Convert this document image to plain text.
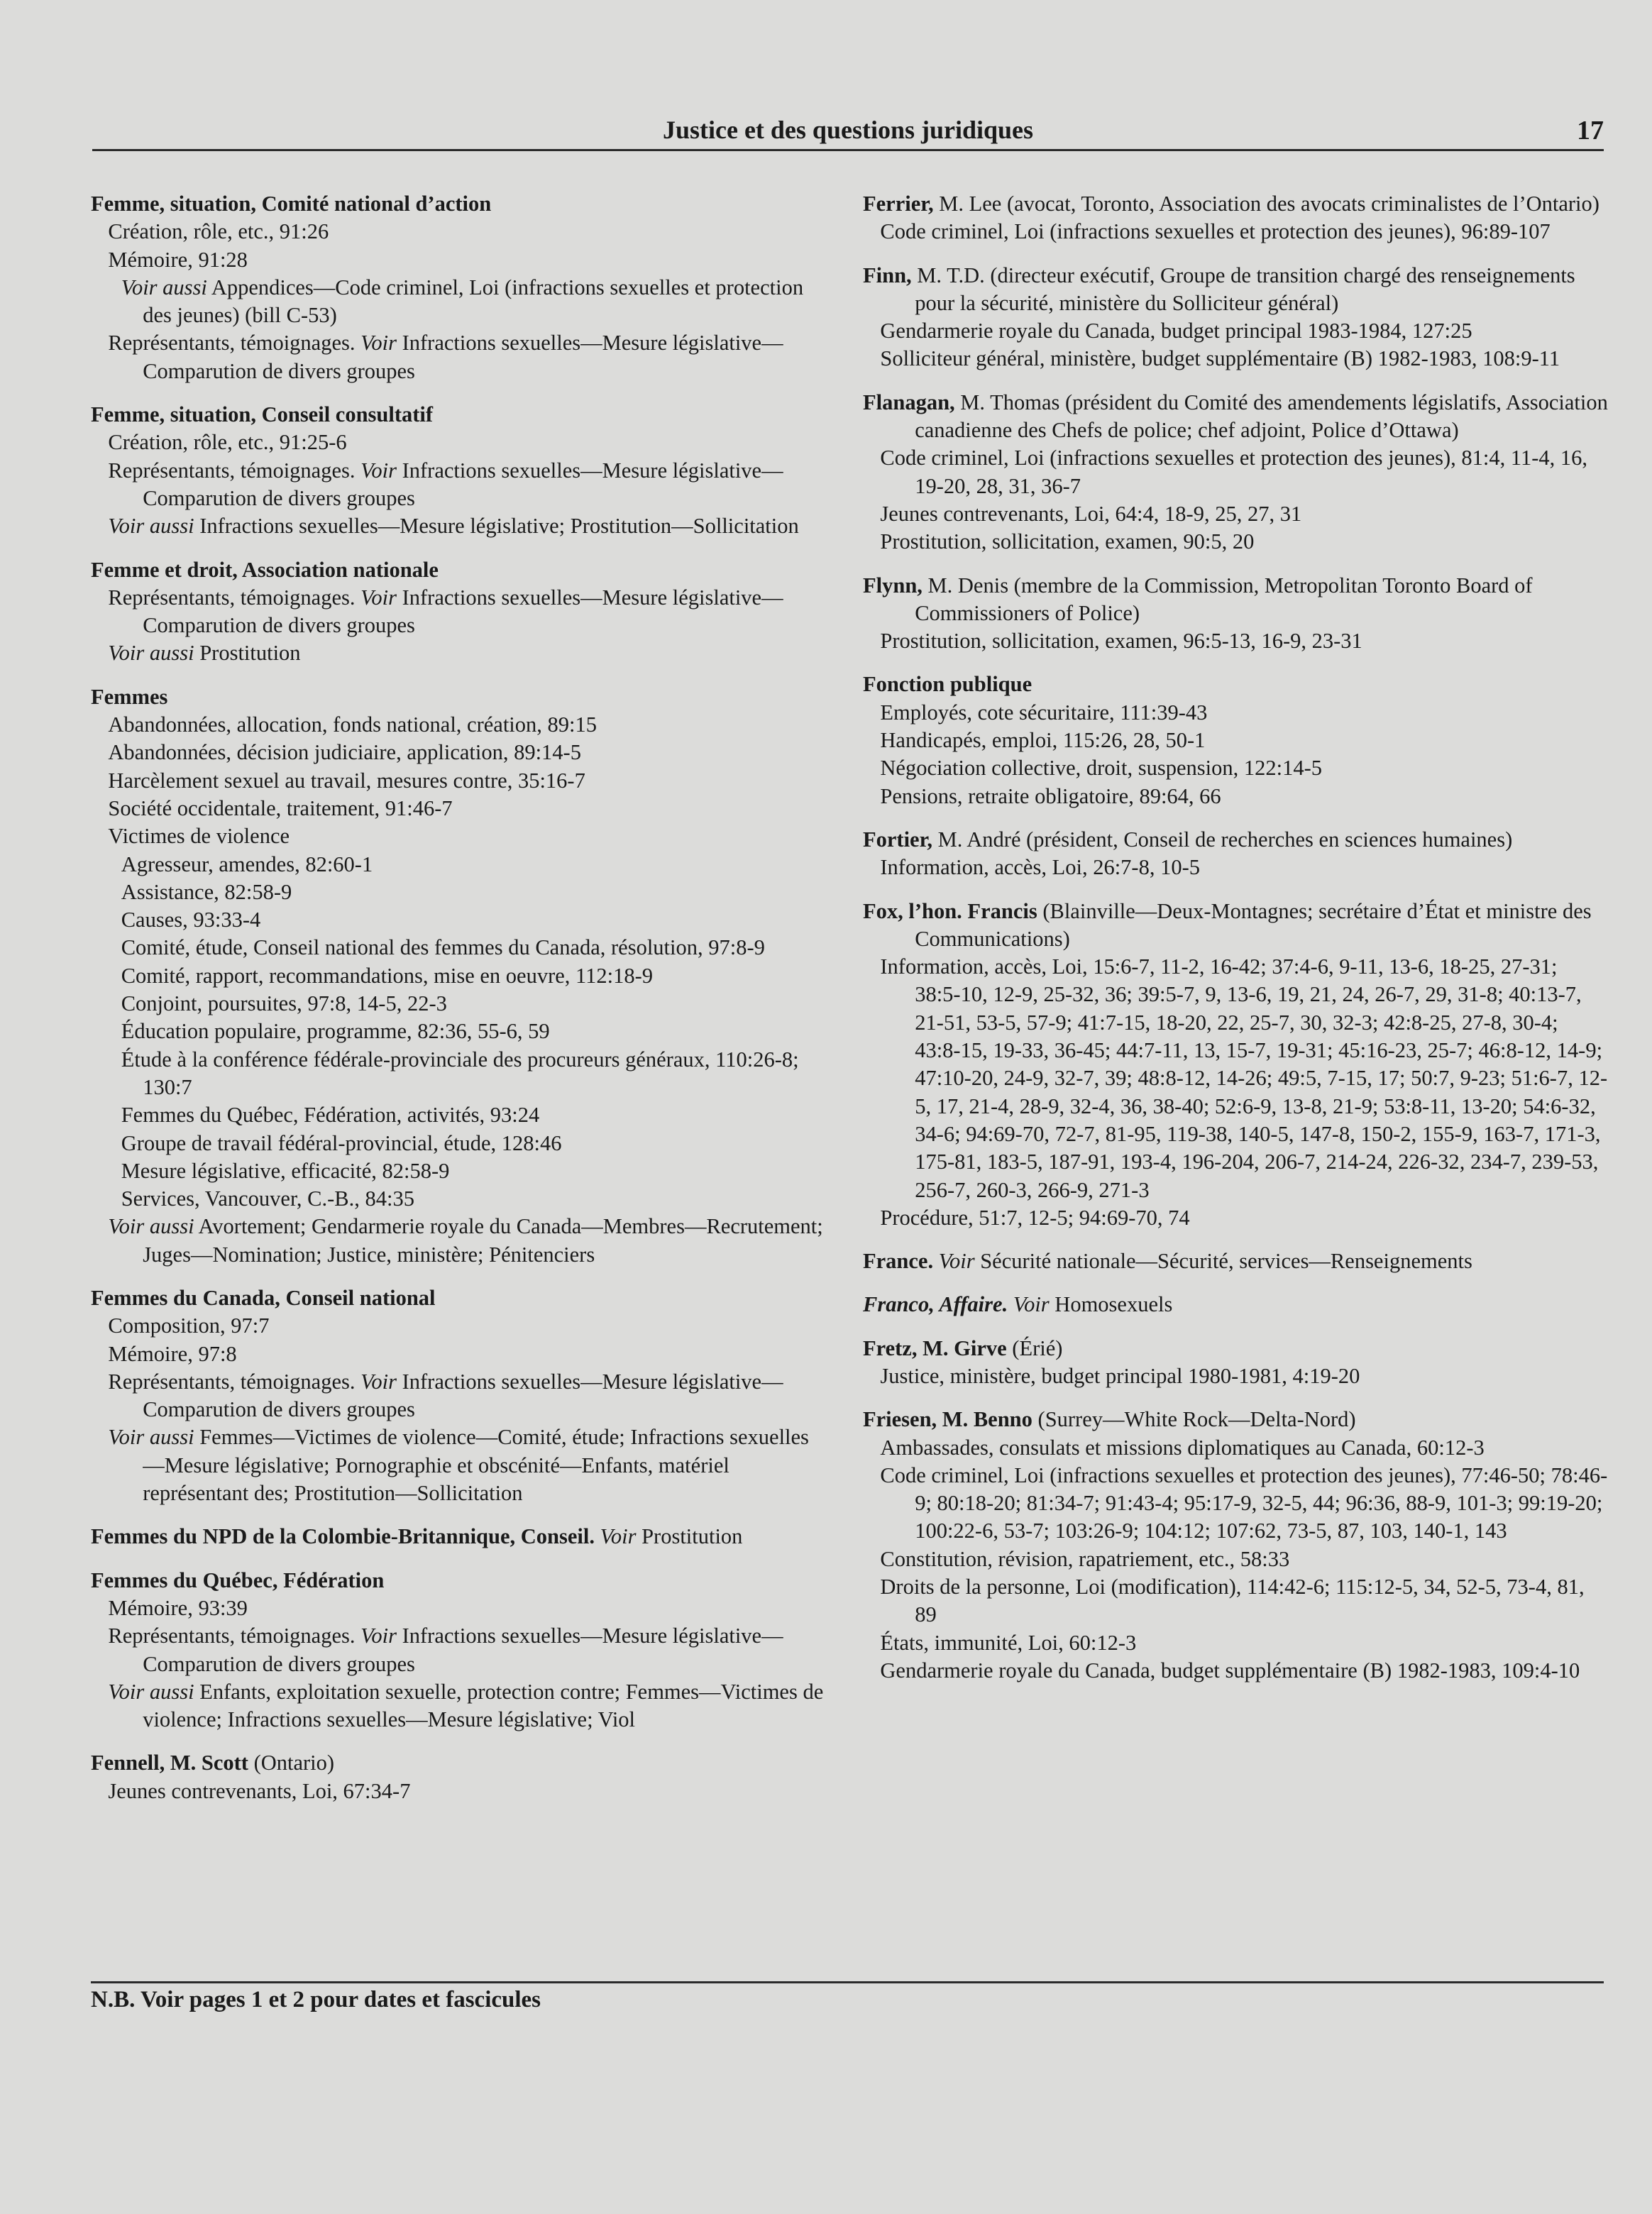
Justice et des questions juridiques	17
Femme, situation, Comité national d’action
Création, rôle, etc., 91:26
Mémoire, 91:28
Voir aussi Appendices—Code criminel, Loi (infractions sexuelles et protection des jeunes) (bill C-53)
Représentants, témoignages. Voir Infractions sexuelles—Mesure législative—Comparution de divers groupes
Femme, situation, Conseil consultatif
Création, rôle, etc., 91:25-6
Représentants, témoignages. Voir Infractions sexuelles—Mesure législative—Comparution de divers groupes
Voir aussi Infractions sexuelles—Mesure législative; Prostitution—Sollicitation
Femme et droit, Association nationale
Représentants, témoignages. Voir Infractions sexuelles—Mesure législative—Comparution de divers groupes
Voir aussi Prostitution
Femmes
Abandonnées, allocation, fonds national, création, 89:15
Abandonnées, décision judiciaire, application, 89:14-5
Harcèlement sexuel au travail, mesures contre, 35:16-7
Société occidentale, traitement, 91:46-7
Victimes de violence
Agresseur, amendes, 82:60-1
Assistance, 82:58-9
Causes, 93:33-4
Comité, étude, Conseil national des femmes du Canada, résolution, 97:8-9
Comité, rapport, recommandations, mise en oeuvre, 112:18-9
Conjoint, poursuites, 97:8, 14-5, 22-3
Éducation populaire, programme, 82:36, 55-6, 59
Étude à la conférence fédérale-provinciale des procureurs généraux, 110:26-8; 130:7
Femmes du Québec, Fédération, activités, 93:24
Groupe de travail fédéral-provincial, étude, 128:46
Mesure législative, efficacité, 82:58-9
Services, Vancouver, C.-B., 84:35
Voir aussi Avortement; Gendarmerie royale du Canada—Membres—Recrutement; Juges—Nomination; Justice, ministère; Pénitenciers
Femmes du Canada, Conseil national
Composition, 97:7
Mémoire, 97:8
Représentants, témoignages. Voir Infractions sexuelles—Mesure législative—Comparution de divers groupes
Voir aussi Femmes—Victimes de violence—Comité, étude; Infractions sexuelles—Mesure législative; Pornographie et obscénité—Enfants, matériel représentant des; Prostitution—Sollicitation
Femmes du NPD de la Colombie-Britannique, Conseil. Voir Prostitution
Femmes du Québec, Fédération
Mémoire, 93:39
Représentants, témoignages. Voir Infractions sexuelles—Mesure législative—Comparution de divers groupes
Voir aussi Enfants, exploitation sexuelle, protection contre; Femmes—Victimes de violence; Infractions sexuelles—Mesure législative; Viol
Fennell, M. Scott (Ontario)
Jeunes contrevenants, Loi, 67:34-7
Ferrier, M. Lee (avocat, Toronto, Association des avocats criminalistes de l’Ontario)
Code criminel, Loi (infractions sexuelles et protection des jeunes), 96:89-107
Finn, M. T.D. (directeur exécutif, Groupe de transition chargé des renseignements pour la sécurité, ministère du Solliciteur général)
Gendarmerie royale du Canada, budget principal 1983-1984, 127:25
Solliciteur général, ministère, budget supplémentaire (B) 1982-1983, 108:9-11
Flanagan, M. Thomas (président du Comité des amendements législatifs, Association canadienne des Chefs de police; chef adjoint, Police d’Ottawa)
Code criminel, Loi (infractions sexuelles et protection des jeunes), 81:4, 11-4, 16, 19-20, 28, 31, 36-7
Jeunes contrevenants, Loi, 64:4, 18-9, 25, 27, 31
Prostitution, sollicitation, examen, 90:5, 20
Flynn, M. Denis (membre de la Commission, Metropolitan Toronto Board of Commissioners of Police)
Prostitution, sollicitation, examen, 96:5-13, 16-9, 23-31
Fonction publique
Employés, cote sécuritaire, 111:39-43
Handicapés, emploi, 115:26, 28, 50-1
Négociation collective, droit, suspension, 122:14-5
Pensions, retraite obligatoire, 89:64, 66
Fortier, M. André (président, Conseil de recherches en sciences humaines)
Information, accès, Loi, 26:7-8, 10-5
Fox, l’hon. Francis (Blainville—Deux-Montagnes; secrétaire d’État et ministre des Communications)
Information, accès, Loi, 15:6-7, 11-2, 16-42; 37:4-6, 9-11, 13-6, 18-25, 27-31; 38:5-10, 12-9, 25-32, 36; 39:5-7, 9, 13-6, 19, 21, 24, 26-7, 29, 31-8; 40:13-7, 21-51, 53-5, 57-9; 41:7-15, 18-20, 22, 25-7, 30, 32-3; 42:8-25, 27-8, 30-4; 43:8-15, 19-33, 36-45; 44:7-11, 13, 15-7, 19-31; 45:16-23, 25-7; 46:8-12, 14-9; 47:10-20, 24-9, 32-7, 39; 48:8-12, 14-26; 49:5, 7-15, 17; 50:7, 9-23; 51:6-7, 12-5, 17, 21-4, 28-9, 32-4, 36, 38-40; 52:6-9, 13-8, 21-9; 53:8-11, 13-20; 54:6-32, 34-6; 94:69-70, 72-7, 81-95, 119-38, 140-5, 147-8, 150-2, 155-9, 163-7, 171-3, 175-81, 183-5, 187-91, 193-4, 196-204, 206-7, 214-24, 226-32, 234-7, 239-53, 256-7, 260-3, 266-9, 271-3
Procédure, 51:7, 12-5; 94:69-70, 74
France. Voir Sécurité nationale—Sécurité, services—Renseignements
Franco, Affaire. Voir Homosexuels
Fretz, M. Girve (Érié)
Justice, ministère, budget principal 1980-1981, 4:19-20
Friesen, M. Benno (Surrey—White Rock—Delta-Nord)
Ambassades, consulats et missions diplomatiques au Canada, 60:12-3
Code criminel, Loi (infractions sexuelles et protection des jeunes), 77:46-50; 78:46-9; 80:18-20; 81:34-7; 91:43-4; 95:17-9, 32-5, 44; 96:36, 88-9, 101-3; 99:19-20; 100:22-6, 53-7; 103:26-9; 104:12; 107:62, 73-5, 87, 103, 140-1, 143
Constitution, révision, rapatriement, etc., 58:33
Droits de la personne, Loi (modification), 114:42-6; 115:12-5, 34, 52-5, 73-4, 81, 89
États, immunité, Loi, 60:12-3
Gendarmerie royale du Canada, budget supplémentaire (B) 1982-1983, 109:4-10
N.B. Voir pages 1 et 2 pour dates et fascicules
